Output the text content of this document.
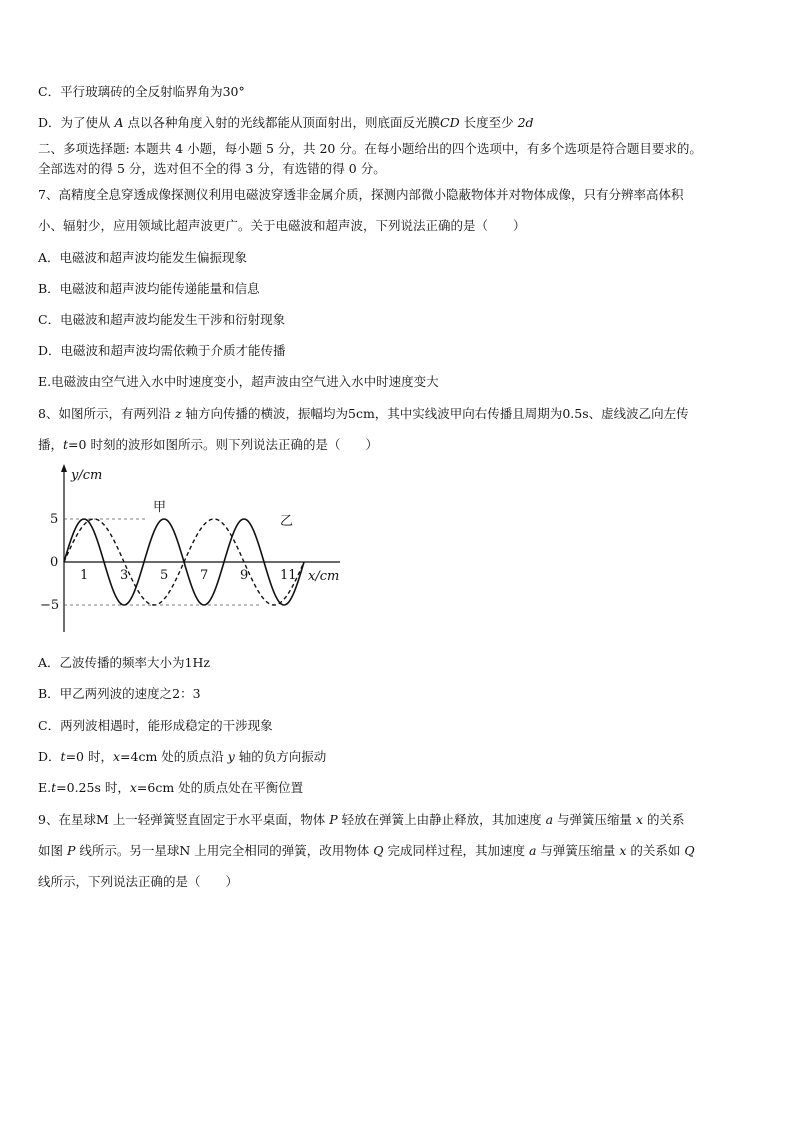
C．平行玻璃砖的全反射临界角为30°
D．为了使从 A 点以各种角度入射的光线都能从顶面射出，则底面反光膜CD 长度至少 2d
二、多项选择题: 本题共 4 小题，每小题 5 分，共 20 分。在每小题给出的四个选项中，有多个选项是符合题目要求的。
全部选对的得 5 分，选对但不全的得 3 分，有选错的得 0 分。
7、高精度全息穿透成像探测仪利用电磁波穿透非金属介质，探测内部微小隐蔽物体并对物体成像，只有分辨率高体积
小、辐射少，应用领域比超声波更广。关于电磁波和超声波，下列说法正确的是（　　）
A．电磁波和超声波均能发生偏振现象
B．电磁波和超声波均能传递能量和信息
C．电磁波和超声波均能发生干涉和衍射现象
D．电磁波和超声波均需依赖于介质才能传播
E.电磁波由空气进入水中时速度变小，超声波由空气进入水中时速度变大
8、如图所示，有两列沿 z 轴方向传播的横波，振幅均为5cm，其中实线波甲向右传播且周期为0.5s、虚线波乙向左传
播，t=0 时刻的波形如图所示。则下列说法正确的是（　　）
y/cm
x/cm
甲
乙
1 3 5 7 9 11
5
0
−5
A．乙波传播的频率大小为1Hz
B．甲乙两列波的速度之2：3
C．两列波相遇时，能形成稳定的干涉现象
D．t=0 时，x=4cm 处的质点沿 y 轴的负方向振动
E.t=0.25s 时，x=6cm 处的质点处在平衡位置
9、在星球M 上一轻弹簧竖直固定于水平桌面，物体 P 轻放在弹簧上由静止释放，其加速度 a 与弹簧压缩量 x 的关系
如图 P 线所示。另一星球N 上用完全相同的弹簧，改用物体 Q 完成同样过程，其加速度 a 与弹簧压缩量 x 的关系如 Q
线所示，下列说法正确的是（　　）
